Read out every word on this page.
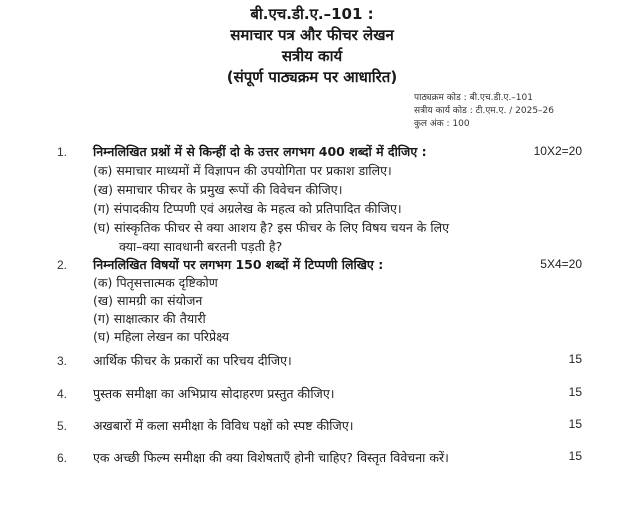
बी.एच.डी.ए.–101 :
समाचार पत्र और फीचर लेखन
सत्रीय कार्य
(संपूर्ण पाठ्यक्रम पर आधारित)
पाठ्यक्रम कोड : बी.एच.डी.ए.–101
सत्रीय कार्य कोड : टी.एम.ए. / 2025–26
कुल अंक : 100
1. निम्नलिखित प्रश्नों में से किन्हीं दो के उत्तर लगभग 400 शब्दों में दीजिए :	10X2=20
(क) समाचार माध्यमों में विज्ञापन की उपयोगिता पर प्रकाश डालिए।
(ख) समाचार फीचर के प्रमुख रूपों की विवेचन कीजिए।
(ग) संपादकीय टिप्पणी एवं अग्रलेख के महत्व को प्रतिपादित कीजिए।
(घ) सांस्कृतिक फीचर से क्या आशय है? इस फीचर के लिए विषय चयन के लिए
क्या–क्या सावधानी बरतनी पड़ती है?
2. निम्नलिखित विषयों पर लगभग 150 शब्दों में टिप्पणी लिखिए :	5X4=20
(क) पितृसत्तात्मक दृष्टिकोण
(ख) सामग्री का संयोजन
(ग) साक्षात्कार की तैयारी
(घ) महिला लेखन का परिप्रेक्ष्य
3. आर्थिक फीचर के प्रकारों का परिचय दीजिए।	15
4. पुस्तक समीक्षा का अभिप्राय सोदाहरण प्रस्तुत कीजिए।	15
5. अखबारों में कला समीक्षा के विविध पक्षों को स्पष्ट कीजिए।	15
6. एक अच्छी फिल्म समीक्षा की क्या विशेषताएँ होनी चाहिए? विस्तृत विवेचना करें।	15
